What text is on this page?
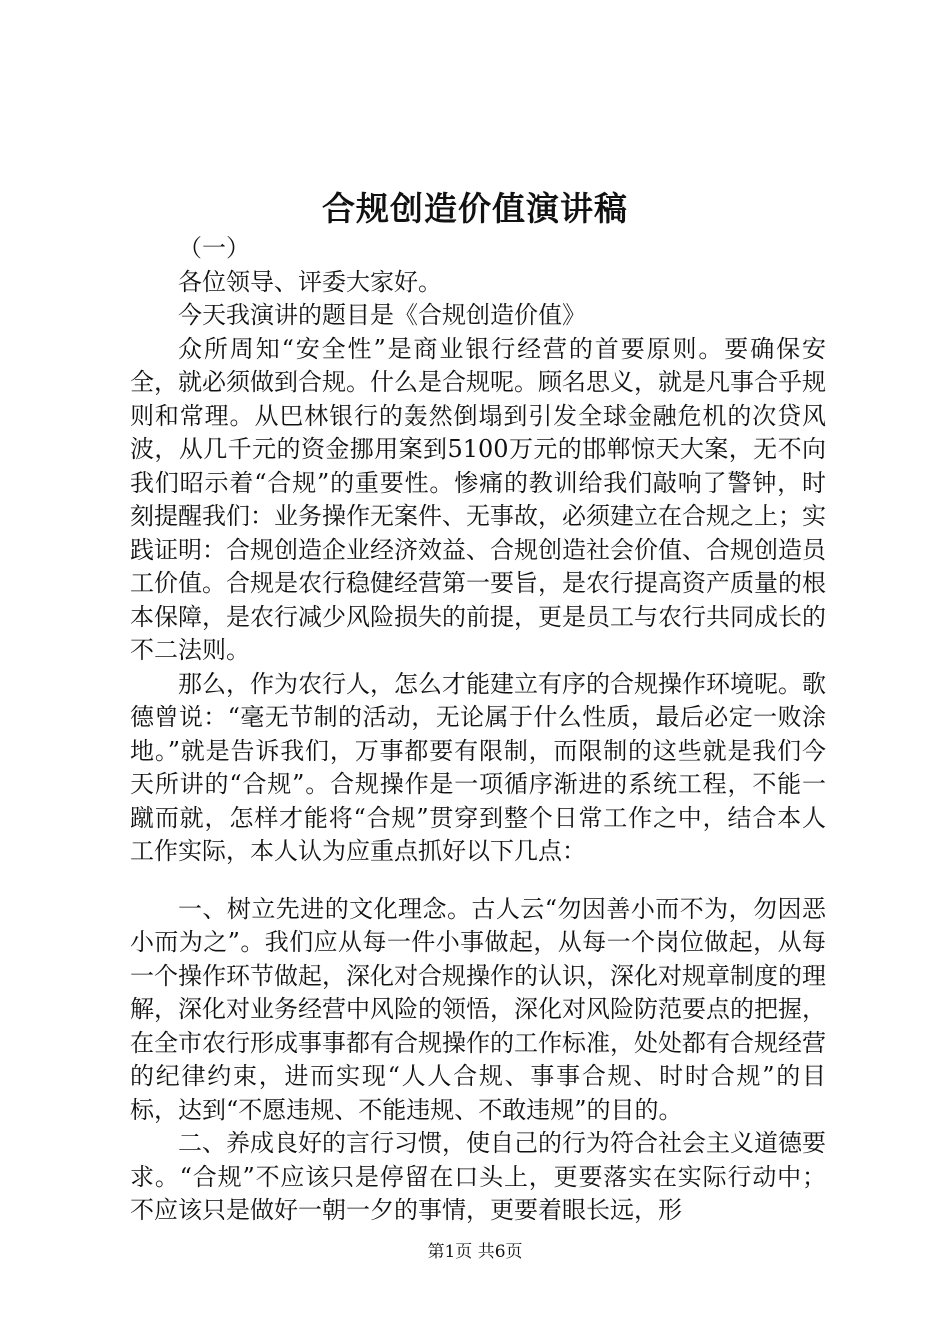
合规创造价值演讲稿

（一）

各位领导、评委大家好。

今天我演讲的题目是《合规创造价值》

众所周知“安全性”是商业银行经营的首要原则。要确保安全，就必须做到合规。什么是合规呢。顾名思义，就是凡事合乎规则和常理。从巴林银行的轰然倒塌到引发全球金融危机的次贷风波，从几千元的资金挪用案到5100万元的邯郸惊天大案，无不向我们昭示着“合规”的重要性。惨痛的教训给我们敲响了警钟，时刻提醒我们：业务操作无案件、无事故，必须建立在合规之上；实践证明：合规创造企业经济效益、合规创造社会价值、合规创造员工价值。合规是农行稳健经营第一要旨，是农行提高资产质量的根本保障，是农行减少风险损失的前提，更是员工与农行共同成长的不二法则。

那么，作为农行人，怎么才能建立有序的合规操作环境呢。歌德曾说：“毫无节制的活动，无论属于什么性质，最后必定一败涂地。”就是告诉我们，万事都要有限制，而限制的这些就是我们今天所讲的“合规”。合规操作是一项循序渐进的系统工程，不能一蹴而就，怎样才能将“合规”贯穿到整个日常工作之中，结合本人工作实际，本人认为应重点抓好以下几点：

一、树立先进的文化理念。古人云“勿因善小而不为，勿因恶小而为之”。我们应从每一件小事做起，从每一个岗位做起，从每一个操作环节做起，深化对合规操作的认识，深化对规章制度的理解，深化对业务经营中风险的领悟，深化对风险防范要点的把握，在全市农行形成事事都有合规操作的工作标准，处处都有合规经营的纪律约束，进而实现“人人合规、事事合规、时时合规”的目标，达到“不愿违规、不能违规、不敢违规”的目的。

二、养成良好的言行习惯，使自己的行为符合社会主义道德要求。“合规”不应该只是停留在口头上，更要落实在实际行动中；不应该只是做好一朝一夕的事情，更要着眼长远，形

第1页 共6页
